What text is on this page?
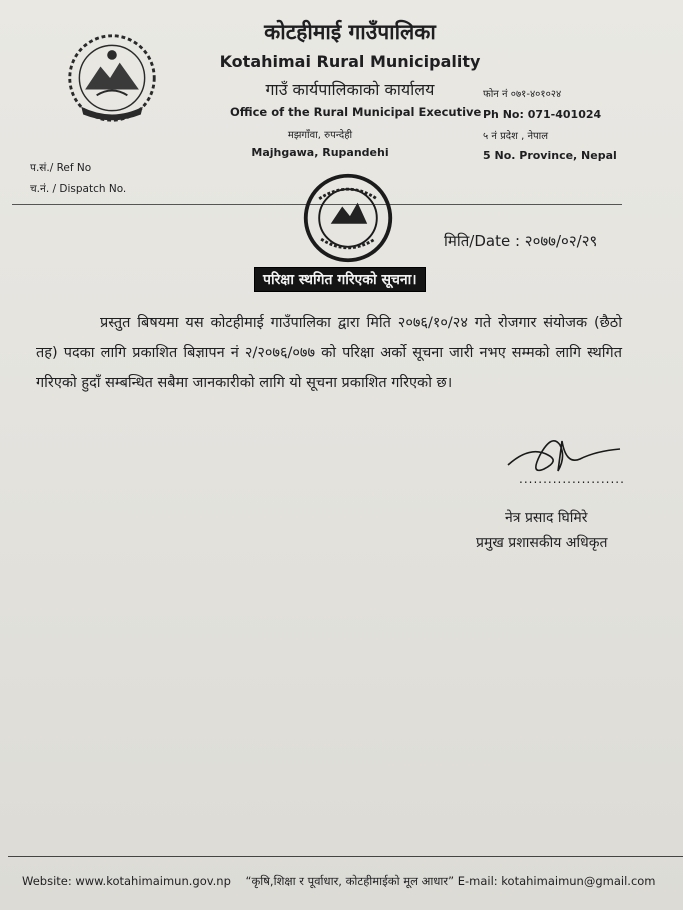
कोटहीमाई गाउँपालिका
Kotahimai Rural Municipality
गाउँ कार्यपालिकाको कार्यालय
Office of the Rural Municipal Executive
मझगाँवा, रुपन्देही
Majhgawa, Rupandehi
फोन नं ०७१-४०१०२४
Ph No: 071-401024
५ नं प्रदेश , नेपाल
5 No. Province, Nepal
प.सं./ Ref No
च.नं. / Dispatch No.
मिति/Date : २०७७/०२/२९
परिक्षा स्थगित गरिएको सूचना।
प्रस्तुत बिषयमा यस कोटहीमाई गाउँपालिका द्वारा मिति २०७६/१०/२४ गते रोजगार संयोजक (छैठो तह) पदका लागि प्रकाशित बिज्ञापन नं २/२०७६/०७७ को परिक्षा अर्को सूचना जारी नभए सम्मको लागि स्थगित गरिएको हुदाँ सम्बन्धित सबैमा जानकारीको लागि यो सूचना प्रकाशित गरिएको छ।
......................
नेत्र प्रसाद घिमिरे
प्रमुख प्रशासकीय अधिकृत
Website: www.kotahimaimun.gov.np “कृषि,शिक्षा र पूर्वाधार, कोटहीमाईको मूल आधार” E-mail: kotahimaimun@gmail.com
